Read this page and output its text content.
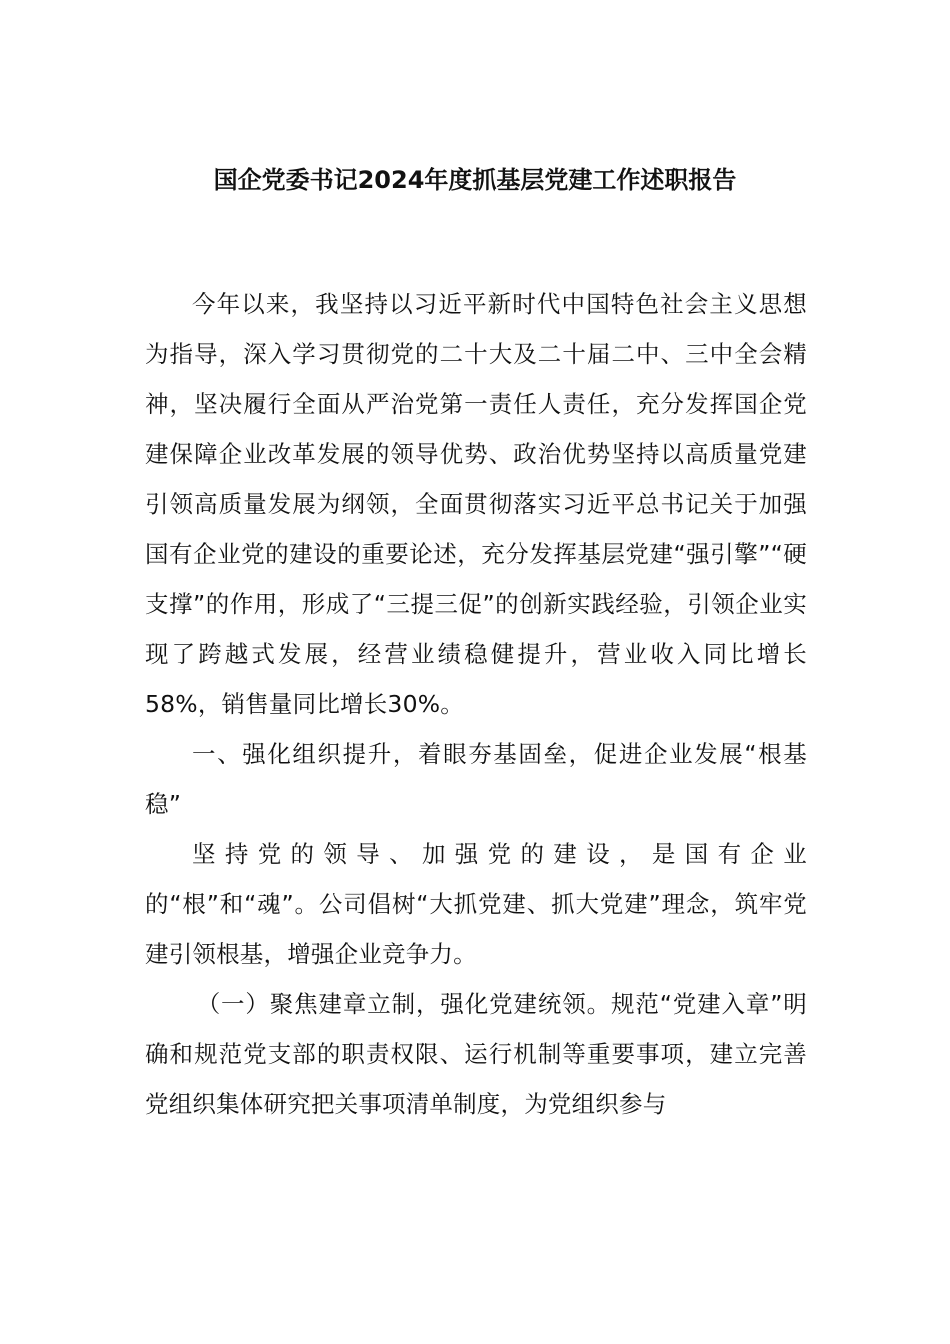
国企党委书记2024年度抓基层党建工作述职报告

今年以来，我坚持以习近平新时代中国特色社会主义思想为指导，深入学习贯彻党的二十大及二十届二中、三中全会精神，坚决履行全面从严治党第一责任人责任，充分发挥国企党建保障企业改革发展的领导优势、政治优势坚持以高质量党建引领高质量发展为纲领，全面贯彻落实习近平总书记关于加强国有企业党的建设的重要论述，充分发挥基层党建“强引擎”“硬支撑”的作用，形成了“三提三促”的创新实践经验，引领企业实现了跨越式发展，经营业绩稳健提升，营业收入同比增长 58%，销售量同比增长30%。

一、强化组织提升，着眼夯基固垒，促进企业发展“根基稳”

坚持党的领导、加强党的建设，是国有企业的“根”和“魂”。公司倡树“大抓党建、抓大党建”理念，筑牢党建引领根基，增强企业竞争力。

（一）聚焦建章立制，强化党建统领。规范“党建入章”明确和规范党支部的职责权限、运行机制等重要事项，建立完善党组织集体研究把关事项清单制度，为党组织参与
